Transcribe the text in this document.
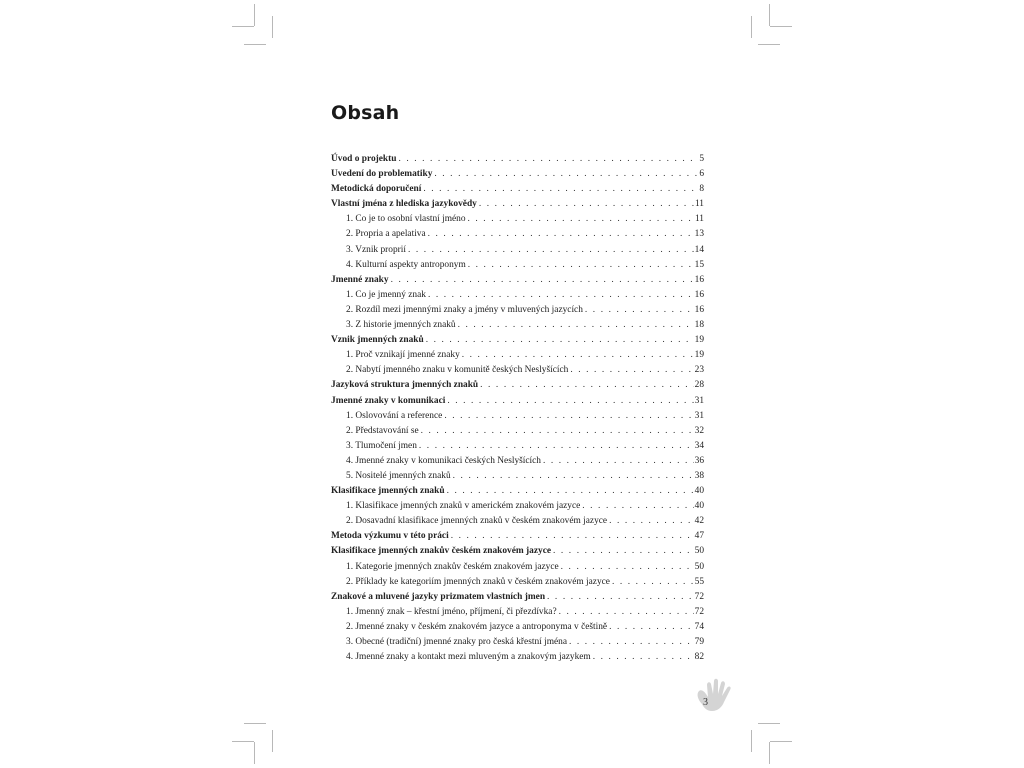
Obsah
Úvod o projektu . . .	5
Uvedení do problematiky . . .	6
Metodická doporučení . . .	8
Vlastní jména z hlediska jazykovědy . . .	11
1. Co je to osobní vlastní jméno . . .	11
2. Propria a apelativa . . .	13
3. Vznik proprií . . .	14
4. Kulturní aspekty antroponym . . .	15
Jmenné znaky . . .	16
1. Co je jmenný znak . . .	16
2. Rozdíl mezi jmennými znaky a jmény v mluvených jazycích . . .	16
3. Z historie jmenných znaků . . .	18
Vznik jmenných znaků . . .	19
1. Proč vznikají jmenné znaky . . .	19
2. Nabytí jmenného znaku v komunitě českých Neslyšících . . .	23
Jazyková struktura jmenných znaků . . .	28
Jmenné znaky v komunikaci . . .	31
1. Oslovování a reference . . .	31
2. Představování se . . .	32
3. Tlumočení jmen . . .	34
4. Jmenné znaky v komunikaci českých Neslyšících . . .	36
5. Nositelé jmenných znaků . . .	38
Klasifikace jmenných znaků . . .	40
1. Klasifikace jmenných znaků v americkém znakovém jazyce . . .	40
2. Dosavadní klasifikace jmenných znaků v českém znakovém jazyce . . .	42
Metoda výzkumu v této práci . . .	47
Klasifikace jmenných znakův českém znakovém jazyce . . .	50
1. Kategorie jmenných znakův českém znakovém jazyce . . .	50
2. Příklady ke kategoriím jmenných znaků v českém znakovém jazyce . . .	55
Znakové a mluvené jazyky prizmatem vlastních jmen . . .	72
1. Jmenný znak – křestní jméno, příjmení, či přezdívka? . . .	72
2. Jmenné znaky v českém znakovém jazyce a antroponyma v češtině . . .	74
3. Obecné (tradiční) jmenné znaky pro česká křestní jména . . .	79
4. Jmenné znaky a kontakt mezi mluveným a znakovým jazykem . . .	82
3
